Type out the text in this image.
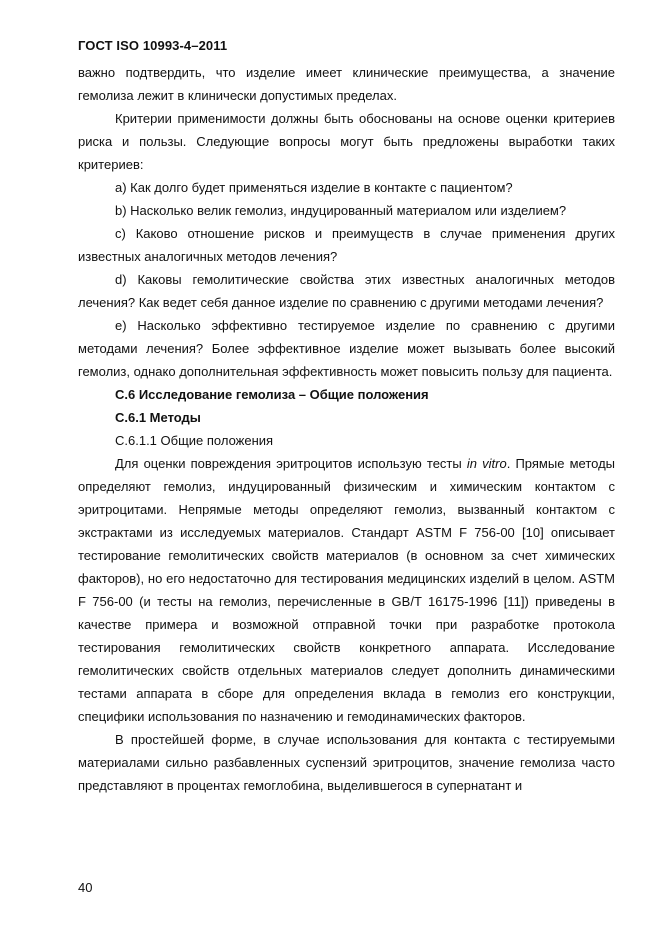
ГОСТ ISO 10993-4–2011

важно подтвердить, что изделие имеет клинические преимущества, а значение гемолиза лежит в клинически допустимых пределах.

Критерии применимости должны быть обоснованы на основе оценки критериев риска и пользы. Следующие вопросы могут быть предложены выработки таких критериев:

а) Как долго будет применяться изделие в контакте с пациентом?

b) Насколько велик гемолиз, индуцированный материалом или изделием?

с) Каково отношение рисков и преимуществ в случае применения других известных аналогичных методов лечения?

d) Каковы гемолитические свойства этих известных аналогичных методов лечения? Как ведет себя данное изделие по сравнению с другими методами лечения?

е) Насколько эффективно тестируемое изделие по сравнению с другими методами лечения? Более эффективное изделие может вызывать более высокий гемолиз, однако дополнительная эффективность может повысить пользу для пациента.

С.6 Исследование гемолиза – Общие положения

С.6.1 Методы

С.6.1.1 Общие положения

Для оценки повреждения эритроцитов использую тесты in vitro. Прямые методы определяют гемолиз, индуцированный физическим и химическим контактом с эритроцитами. Непрямые методы определяют гемолиз, вызванный контактом с экстрактами из исследуемых материалов. Стандарт ASTM F 756-00 [10] описывает тестирование гемолитических свойств материалов (в основном за счет химических факторов), но его недостаточно для тестирования медицинских изделий в целом. ASTM F 756-00 (и тесты на гемолиз, перечисленные в GB/T 16175-1996 [11]) приведены в качестве примера и возможной отправной точки при разработке протокола тестирования гемолитических свойств конкретного аппарата. Исследование гемолитических свойств отдельных материалов следует дополнить динамическими тестами аппарата в сборе для определения вклада в гемолиз его конструкции, специфики использования по назначению и гемодинамических факторов.

В простейшей форме, в случае использования для контакта с тестируемыми материалами сильно разбавленных суспензий эритроцитов, значение гемолиза часто представляют в процентах гемоглобина, выделившегося в супернатант и

40
